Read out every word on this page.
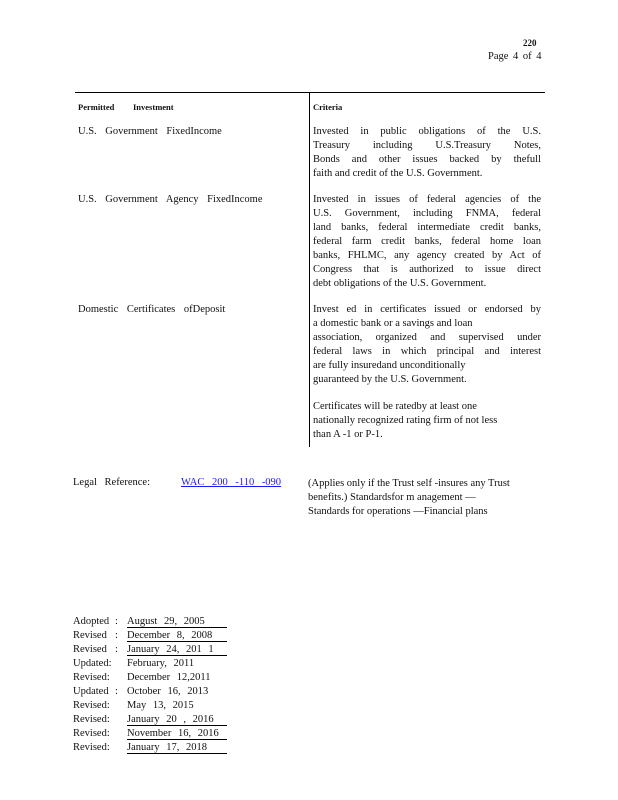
220
Page 4 of 4
Permitted Investment	Criteria
U.S. Government FixedIncome	Invested in public obligations of the U.S.
Treasury including U.S.Treasury Notes,
Bonds and other issues backed by thefull
faith and credit of the U.S. Government.
U.S. Government Agency FixedIncome	Invested in issues of federal agencies of the
U.S. Government, including FNMA, federal
land banks, federal intermediate credit banks,
federal farm credit banks, federal home loan
banks, FHLMC, any agency created by Act of
Congress that is authorized to issue direct
debt obligations of the U.S. Government.
Domestic Certificates ofDeposit	Invest ed in certificates issued or endorsed by
a domestic bank or a savings and loan
association, organized and supervised under
federal laws in which principal and interest
are fully insuredand unconditionally
guaranteed by the U.S. Government.
Certificates will be ratedby at least one
nationally recognized rating firm of not less
than A -1 or P-1.
Legal Reference:	WAC 200 -110 -090	(Applies only if the Trust self -insures any Trust
benefits.) Standardsfor m anagement —
Standards for operations —Financial plans
Adopted : August 29, 2005
Revised : December 8, 2008
Revised : January 24, 201 1
Updated:	February, 2011
Revised:	December 12,2011
Updated : October 16, 2013
Revised:	May 13, 2015
Revised:	January 20 , 2016
Revised:	November 16, 2016
Revised:	January 17, 2018
